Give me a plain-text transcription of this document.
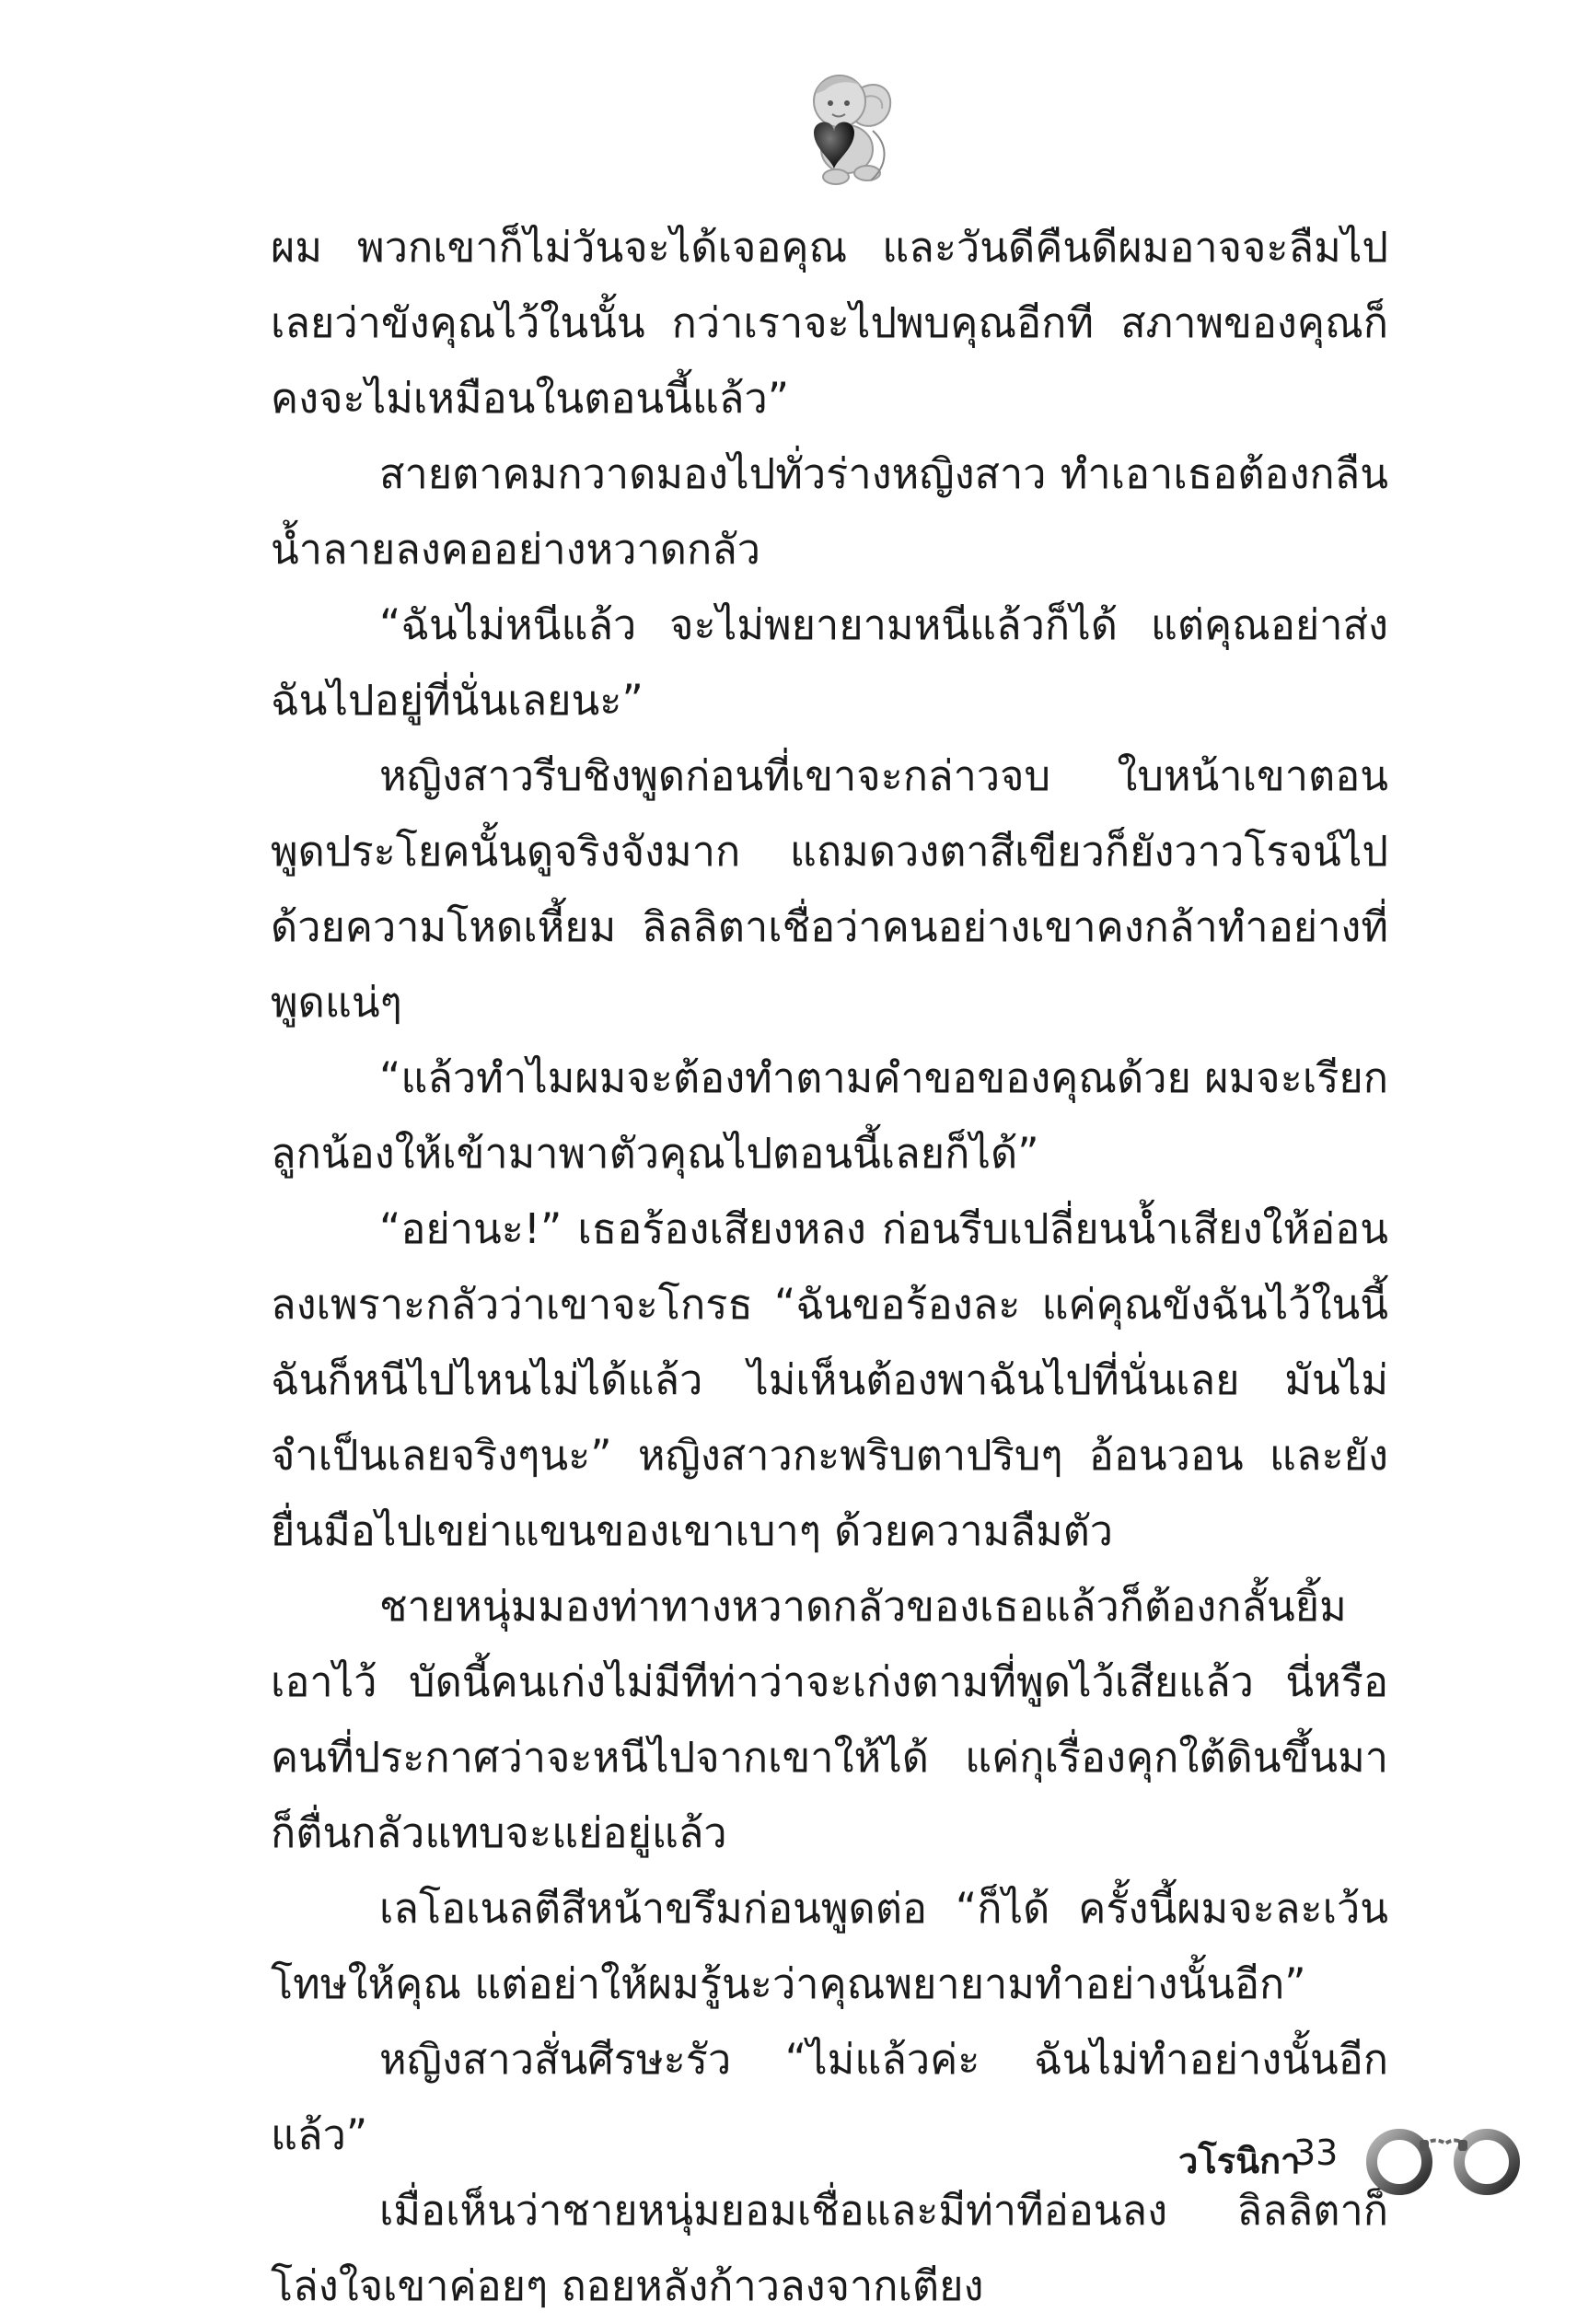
ผม พวกเขาก็ไม่วันจะได้เจอคุณ และวันดีคืนดีผมอาจจะลืมไปเลยว่าขังคุณไว้ในนั้น กว่าเราจะไปพบคุณอีกที สภาพของคุณก็คงจะไม่เหมือนในตอนนี้แล้ว”

สายตาคมกวาดมองไปทั่วร่างหญิงสาว ทำเอาเธอต้องกลืนน้ำลายลงคออย่างหวาดกลัว

“ฉันไม่หนีแล้ว จะไม่พยายามหนีแล้วก็ได้ แต่คุณอย่าส่งฉันไปอยู่ที่นั่นเลยนะ”

หญิงสาวรีบชิงพูดก่อนที่เขาจะกล่าวจบ ใบหน้าเขาตอนพูดประโยคนั้นดูจริงจังมาก แถมดวงตาสีเขียวก็ยังวาวโรจน์ไปด้วยความโหดเหี้ยม ลิลลิตาเชื่อว่าคนอย่างเขาคงกล้าทำอย่างที่พูดแน่ๆ

“แล้วทำไมผมจะต้องทำตามคำขอของคุณด้วย ผมจะเรียกลูกน้องให้เข้ามาพาตัวคุณไปตอนนี้เลยก็ได้”

“อย่านะ!” เธอร้องเสียงหลง ก่อนรีบเปลี่ยนน้ำเสียงให้อ่อนลงเพราะกลัวว่าเขาจะโกรธ “ฉันขอร้องละ แค่คุณขังฉันไว้ในนี้ฉันก็หนีไปไหนไม่ได้แล้ว ไม่เห็นต้องพาฉันไปที่นั่นเลย มันไม่จำเป็นเลยจริงๆนะ” หญิงสาวกะพริบตาปริบๆ อ้อนวอน และยังยื่นมือไปเขย่าแขนของเขาเบาๆ ด้วยความลืมตัว

ชายหนุ่มมองท่าทางหวาดกลัวของเธอแล้วก็ต้องกลั้นยิ้มเอาไว้ บัดนี้คนเก่งไม่มีทีท่าว่าจะเก่งตามที่พูดไว้เสียแล้ว นี่หรือคนที่ประกาศว่าจะหนีไปจากเขาให้ได้ แค่กุเรื่องคุกใต้ดินขึ้นมาก็ตื่นกลัวแทบจะแย่อยู่แล้ว

เลโอเนลตีสีหน้าขรึมก่อนพูดต่อ “ก็ได้ ครั้งนี้ผมจะละเว้นโทษให้คุณ แต่อย่าให้ผมรู้นะว่าคุณพยายามทำอย่างนั้นอีก”

หญิงสาวสั่นศีรษะรัว “ไม่แล้วค่ะ ฉันไม่ทำอย่างนั้นอีกแล้ว”

เมื่อเห็นว่าชายหนุ่มยอมเชื่อและมีท่าทีอ่อนลง ลิลลิตาก็โล่งใจเขาค่อยๆ ถอยหลังก้าวลงจากเตียง

วโรนิกา
33
